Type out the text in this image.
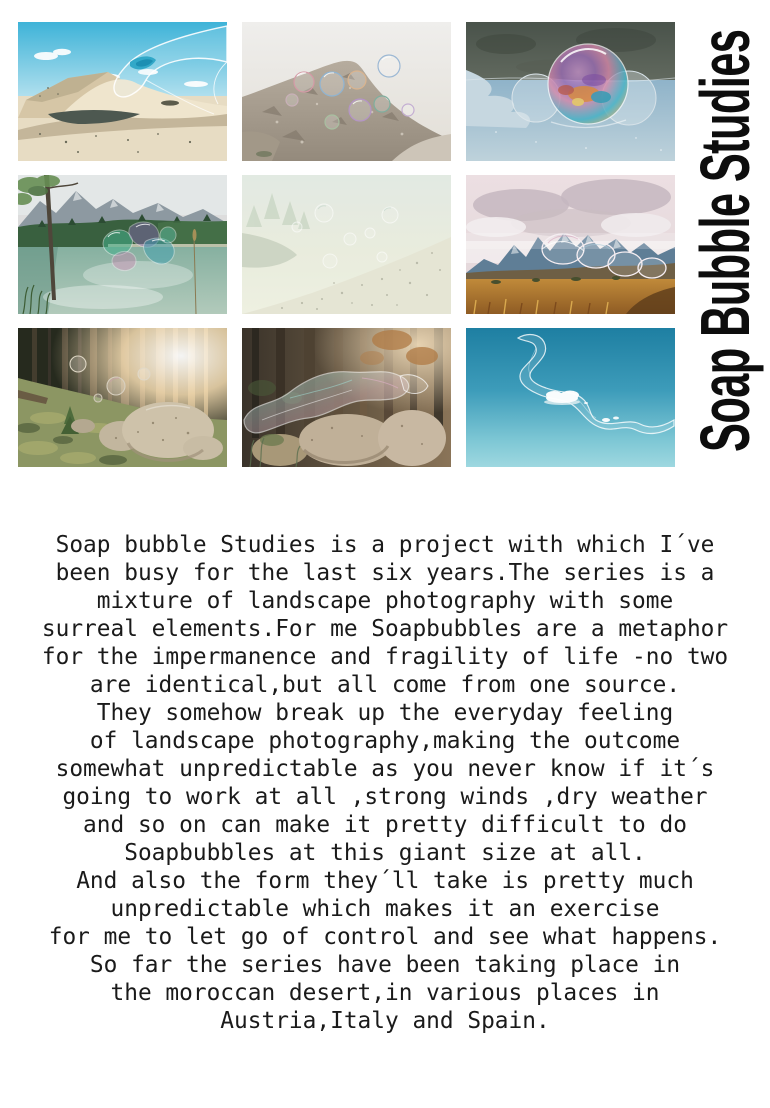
Soap Bubble Studies
Soap bubble Studies is a project with which I´ve
been busy for the last six years.The series is a
mixture of landscape photography with some
surreal elements.For me Soapbubbles are a metaphor
for the impermanence and fragility of life -no two
are identical,but all come from one source.
They somehow break up the everyday feeling
of landscape photography,making the outcome
somewhat unpredictable as you never know if it´s
going to work at all ,strong winds ,dry weather
and so on can make it pretty difficult to do
Soapbubbles at this giant size at all.
And also the form they´ll take is pretty much
unpredictable which makes it an exercise
for me to let go of control and see what happens.
So far the series have been taking place in
the moroccan desert,in various places in
Austria,Italy and Spain.
